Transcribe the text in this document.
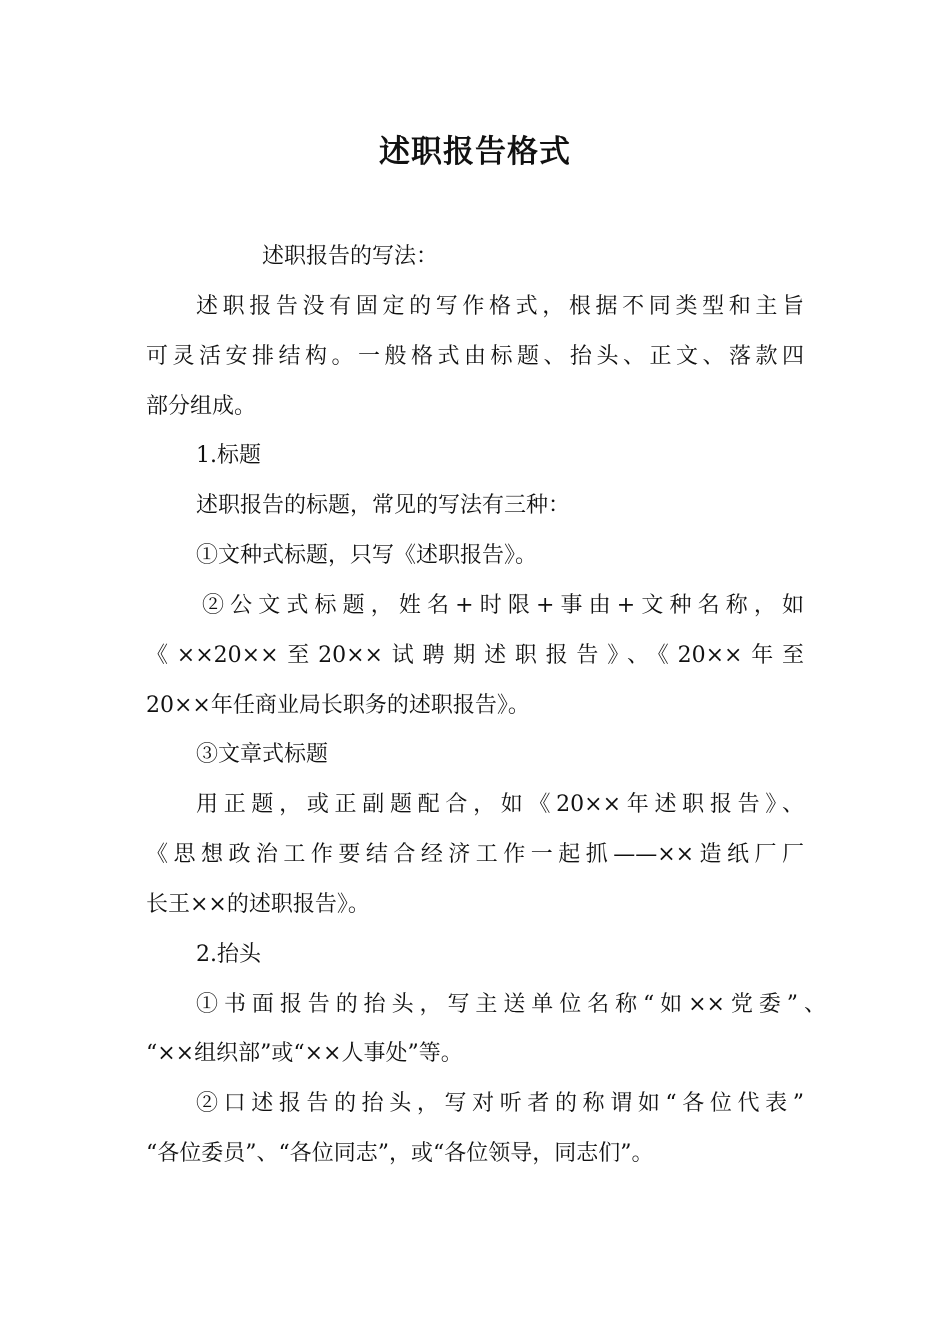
述职报告格式

述职报告的写法：

述职报告没有固定的写作格式，根据不同类型和主旨

可灵活安排结构。一般格式由标题、抬头、正文、落款四

部分组成。

1.标题

述职报告的标题，常见的写法有三种：

①文种式标题，只写《述职报告》。

②公文式标题，姓名+时限+事由+文种名称，如

《××20××至20××试聘期述职报告》、《20××年至

20××年任商业局长职务的述职报告》。

③文章式标题

用正题，或正副题配合，如《20××年述职报告》、

《思想政治工作要结合经济工作一起抓——××造纸厂厂

长王××的述职报告》。

2.抬头

①书面报告的抬头，写主送单位名称“如××党委”、

“××组织部”或“××人事处”等。

②口述报告的抬头，写对听者的称谓如“各位代表”

“各位委员”、“各位同志”，或“各位领导，同志们”。
